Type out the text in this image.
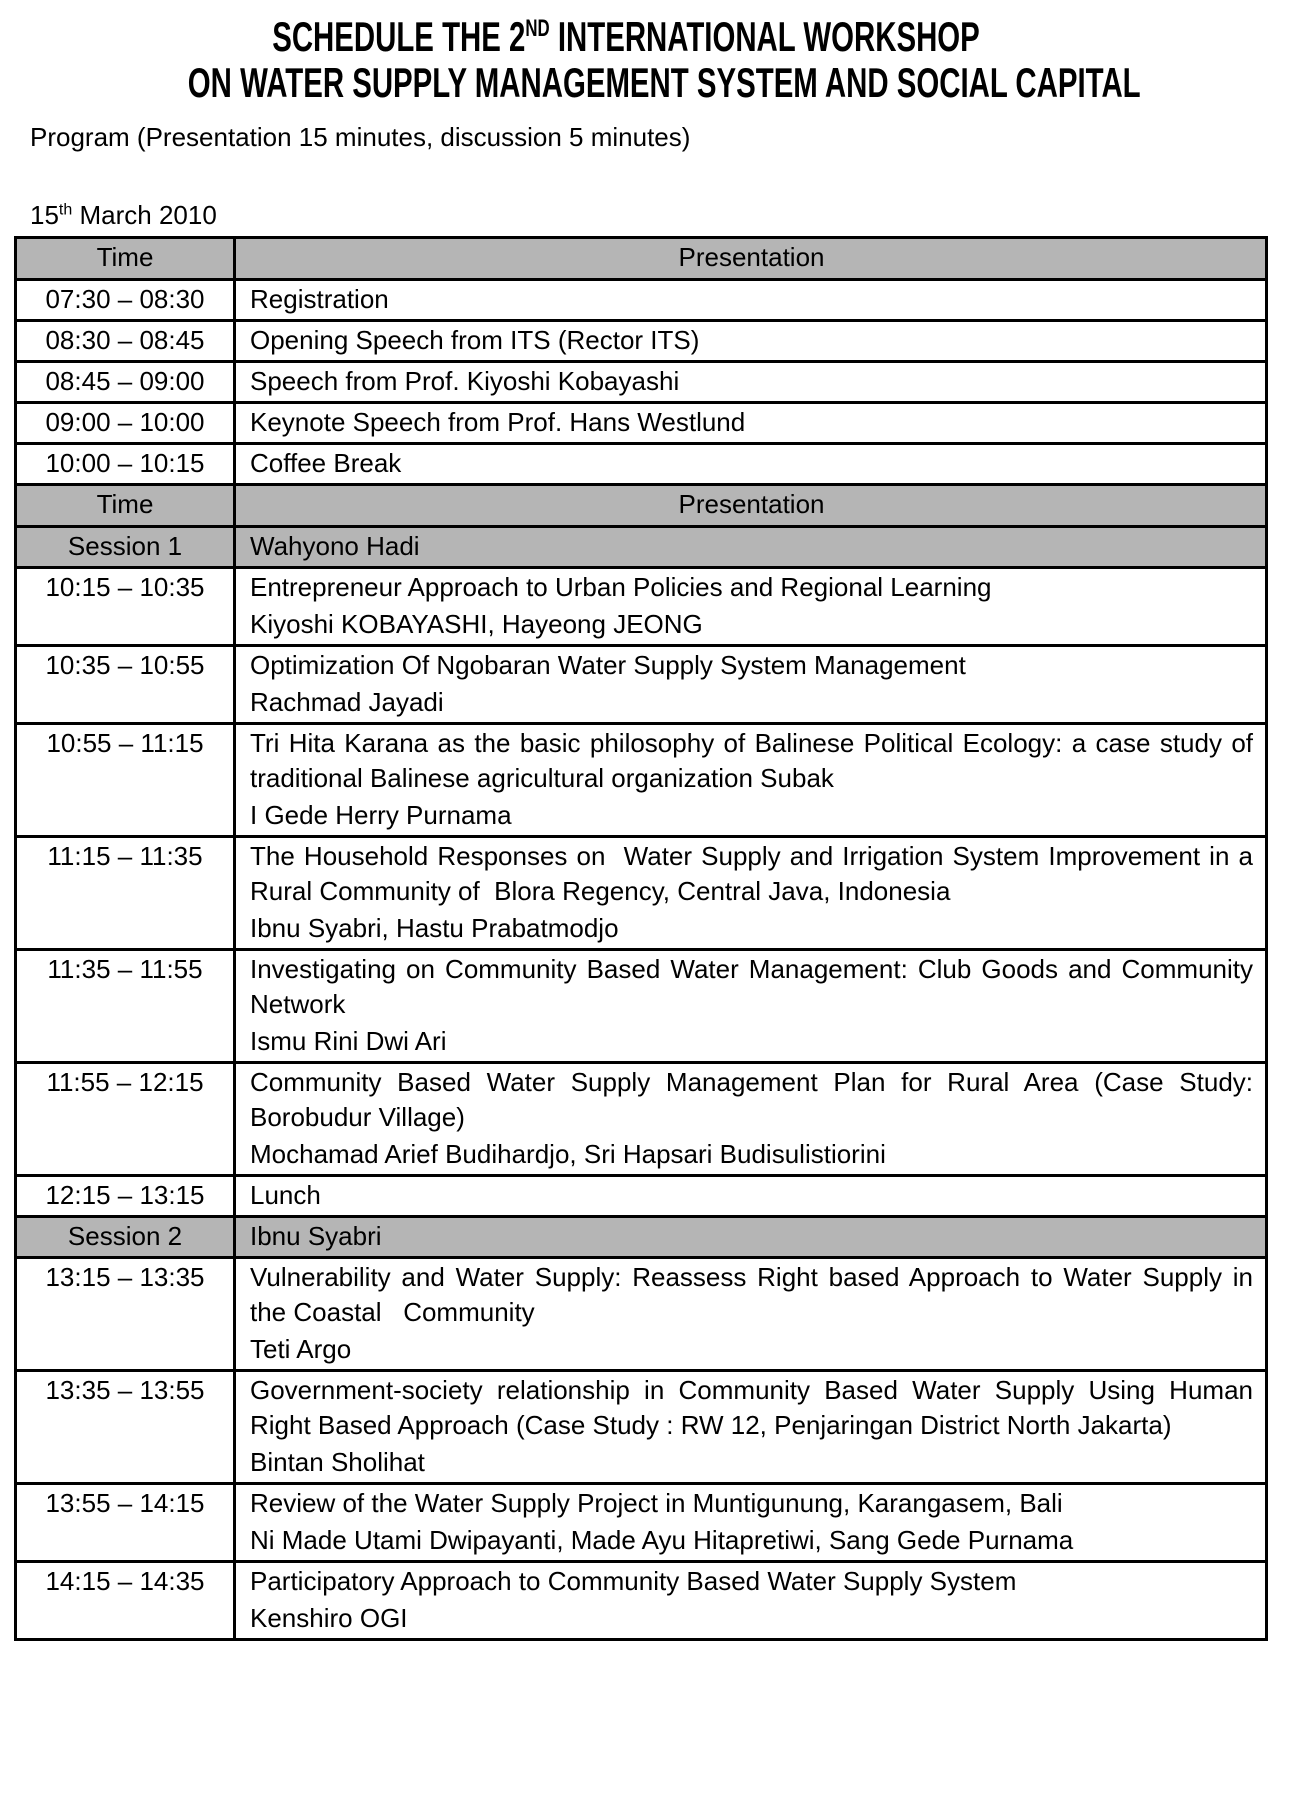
SCHEDULE THE 2ND INTERNATIONAL WORKSHOP
ON WATER SUPPLY MANAGEMENT SYSTEM AND SOCIAL CAPITAL

Program (Presentation 15 minutes, discussion 5 minutes)

15th March 2010

Time	Presentation
07:30 – 08:30	Registration

08:30 – 08:45	Opening Speech from ITS (Rector ITS)

08:45 – 09:00	Speech from Prof. Kiyoshi Kobayashi

09:00 – 10:00	Keynote Speech from Prof. Hans Westlund

10:00 – 10:15	Coffee Break

Time	Presentation
Session 1	Wahyono Hadi
10:15 – 10:35	Entrepreneur Approach to Urban Policies and Regional Learning
Kiyoshi KOBAYASHI, Hayeong JEONG

10:35 – 10:55	Optimization Of Ngobaran Water Supply System Management
Rachmad Jayadi

10:55 – 11:15	Tri Hita Karana as the basic philosophy of Balinese Political Ecology: a case study of traditional Balinese agricultural organization Subak
I Gede Herry Purnama

11:15 – 11:35	The Household Responses on  Water Supply and Irrigation System Improvement in a Rural Community of  Blora Regency, Central Java, Indonesia
Ibnu Syabri, Hastu Prabatmodjo

11:35 – 11:55	Investigating on Community Based Water Management: Club Goods and Community Network
Ismu Rini Dwi Ari

11:55 – 12:15	Community Based Water Supply Management Plan for Rural Area (Case Study: Borobudur Village)
Mochamad Arief Budihardjo, Sri Hapsari Budisulistiorini

12:15 – 13:15	Lunch

Session 2	Ibnu Syabri
13:15 – 13:35	Vulnerability and Water Supply: Reassess Right based Approach to Water Supply in the Coastal   Community
Teti Argo

13:35 – 13:55	Government-society relationship in Community Based Water Supply Using Human Right Based Approach (Case Study : RW 12, Penjaringan District North Jakarta)
Bintan Sholihat

13:55 – 14:15	Review of the Water Supply Project in Muntigunung, Karangasem, Bali
Ni Made Utami Dwipayanti, Made Ayu Hitapretiwi, Sang Gede Purnama

14:15 – 14:35	Participatory Approach to Community Based Water Supply System
Kenshiro OGI
